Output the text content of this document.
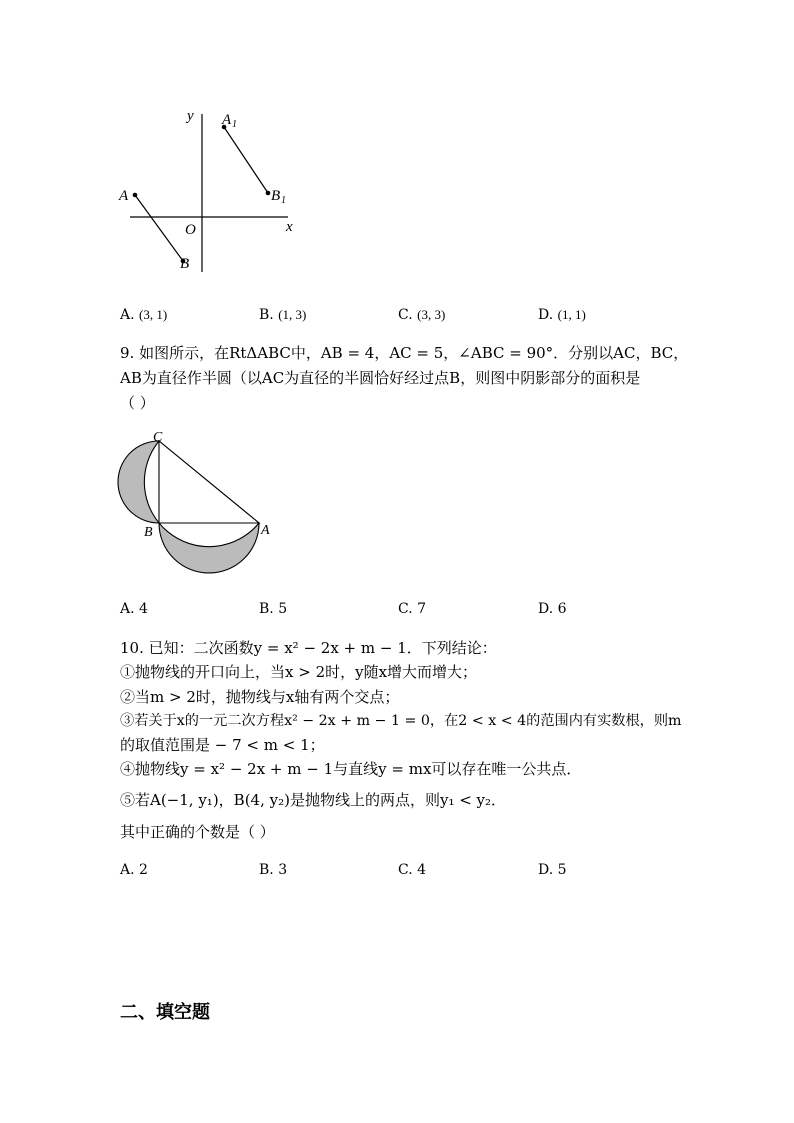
y
x
O
A
B
A 1
B 1
A. (3, 1)	B. (1, 3)	C. (3, 3)	D. (1, 1)
9. 如图所示，在RtΔABC中，AB = 4，AC = 5，∠ABC = 90°．分别以AC，BC，
AB为直径作半圆（以AC为直径的半圆恰好经过点B，则图中阴影部分的面积是
（ ）
C
B	A
A. 4	B. 5	C. 7	D. 6
10. 已知：二次函数y = x² − 2x + m − 1．下列结论：
①抛物线的开口向上，当x > 2时，y随x增大而增大；
②当m > 2时，抛物线与x轴有两个交点；
③若关于x的一元二次方程x² − 2x + m − 1 = 0，在2 < x < 4的范围内有实数根，则m
的取值范围是 − 7 < m < 1；
④抛物线y = x² − 2x + m − 1与直线y = mx可以存在唯一公共点．
⑤若A(−1, y₁)，B(4, y₂)是抛物线上的两点，则y₁ < y₂．
其中正确的个数是（ ）
A. 2	B. 3	C. 4	D. 5
二、填空题
